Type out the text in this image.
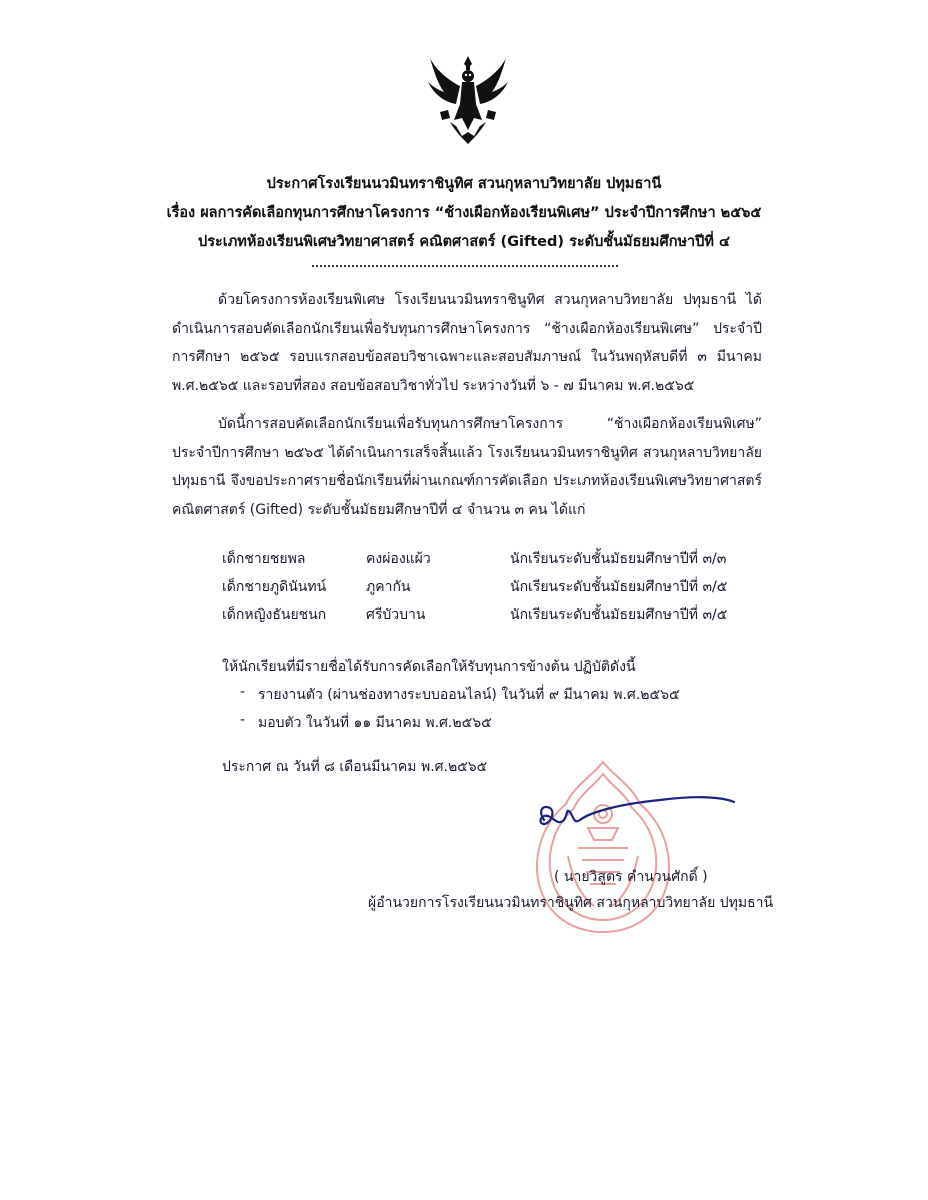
ประกาศโรงเรียนนวมินทราชินูทิศ สวนกุหลาบวิทยาลัย ปทุมธานี
เรื่อง ผลการคัดเลือกทุนการศึกษาโครงการ “ช้างเผือกห้องเรียนพิเศษ” ประจำปีการศึกษา ๒๕๖๕
ประเภทห้องเรียนพิเศษวิทยาศาสตร์ คณิตศาสตร์ (Gifted) ระดับชั้นมัธยมศึกษาปีที่ ๔
ด้วยโครงการห้องเรียนพิเศษ โรงเรียนนวมินทราชินูทิศ สวนกุหลาบวิทยาลัย ปทุมธานี ได้ดำเนินการสอบคัดเลือกนักเรียนเพื่อรับทุนการศึกษาโครงการ “ช้างเผือกห้องเรียนพิเศษ” ประจำปีการศึกษา ๒๕๖๕ รอบแรกสอบข้อสอบวิชาเฉพาะและสอบสัมภาษณ์ ในวันพฤหัสบดีที่ ๓ มีนาคม พ.ศ.๒๕๖๕ และรอบที่สอง สอบข้อสอบวิชาทั่วไป ระหว่างวันที่ ๖ - ๗ มีนาคม พ.ศ.๒๕๖๕
บัดนี้การสอบคัดเลือกนักเรียนเพื่อรับทุนการศึกษาโครงการ “ช้างเผือกห้องเรียนพิเศษ” ประจำปีการศึกษา ๒๕๖๕ ได้ดำเนินการเสร็จสิ้นแล้ว โรงเรียนนวมินทราชินูทิศ สวนกุหลาบวิทยาลัย ปทุมธานี จึงขอประกาศรายชื่อนักเรียนที่ผ่านเกณฑ์การคัดเลือก ประเภทห้องเรียนพิเศษวิทยาศาสตร์ คณิตศาสตร์ (Gifted) ระดับชั้นมัธยมศึกษาปีที่ ๔ จำนวน ๓ คน ได้แก่
เด็กชายชยพล	คงผ่องแผ้ว	นักเรียนระดับชั้นมัธยมศึกษาปีที่ ๓/๓
เด็กชายภูดินันทน์	ภูคากัน	นักเรียนระดับชั้นมัธยมศึกษาปีที่ ๓/๕
เด็กหญิงธันยชนก	ศรีบัวบาน	นักเรียนระดับชั้นมัธยมศึกษาปีที่ ๓/๕
ให้นักเรียนที่มีรายชื่อได้รับการคัดเลือกให้รับทุนการข้างต้น ปฏิบัติดังนี้
- รายงานตัว (ผ่านช่องทางระบบออนไลน์) ในวันที่ ๙ มีนาคม พ.ศ.๒๕๖๕
- มอบตัว ในวันที่ ๑๑ มีนาคม พ.ศ.๒๕๖๕
ประกาศ ณ วันที่ ๘ เดือนมีนาคม พ.ศ.๒๕๖๕
( นายวิสูตร คำนวนศักดิ์ )
ผู้อำนวยการโรงเรียนนวมินทราชินูทิศ สวนกุหลาบวิทยาลัย ปทุมธานี
